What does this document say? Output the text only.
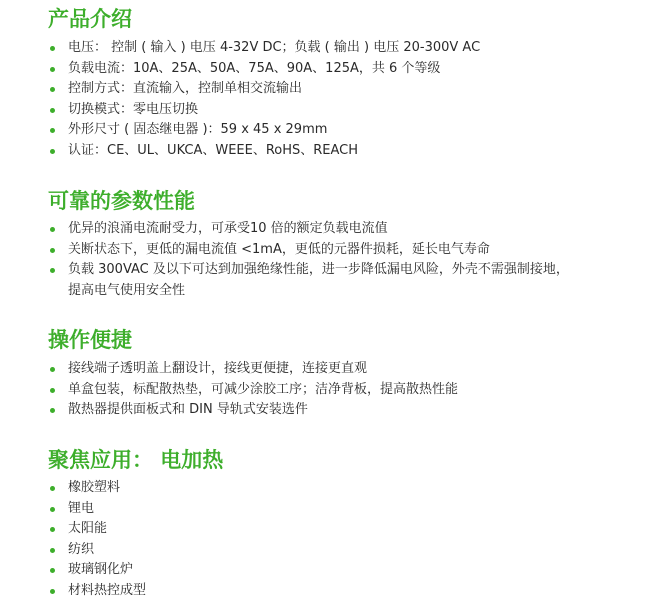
产品介绍
电压： 控制 ( 输入 ) 电压 4-32V DC；负载 ( 输出 ) 电压 20-300V AC
负载电流：10A、25A、50A、75A、90A、125A，共 6 个等级
控制方式：直流输入，控制单相交流输出
切换模式：零电压切换
外形尺寸 ( 固态继电器 )：59 x 45 x 29mm
认证：CE、UL、UKCA、WEEE、RoHS、REACH
可靠的参数性能
优异的浪涌电流耐受力，可承受10 倍的额定负载电流值
关断状态下，更低的漏电流值 <1mA，更低的元器件损耗，延长电气寿命
负载 300VAC 及以下可达到加强绝缘性能，进一步降低漏电风险，外壳不需强制接地，提高电气使用安全性
操作便捷
接线端子透明盖上翻设计，接线更便捷，连接更直观
单盒包装，标配散热垫，可减少涂胶工序；洁净背板，提高散热性能
散热器提供面板式和 DIN 导轨式安装选件
聚焦应用： 电加热
橡胶塑料
锂电
太阳能
纺织
玻璃钢化炉
材料热控成型
